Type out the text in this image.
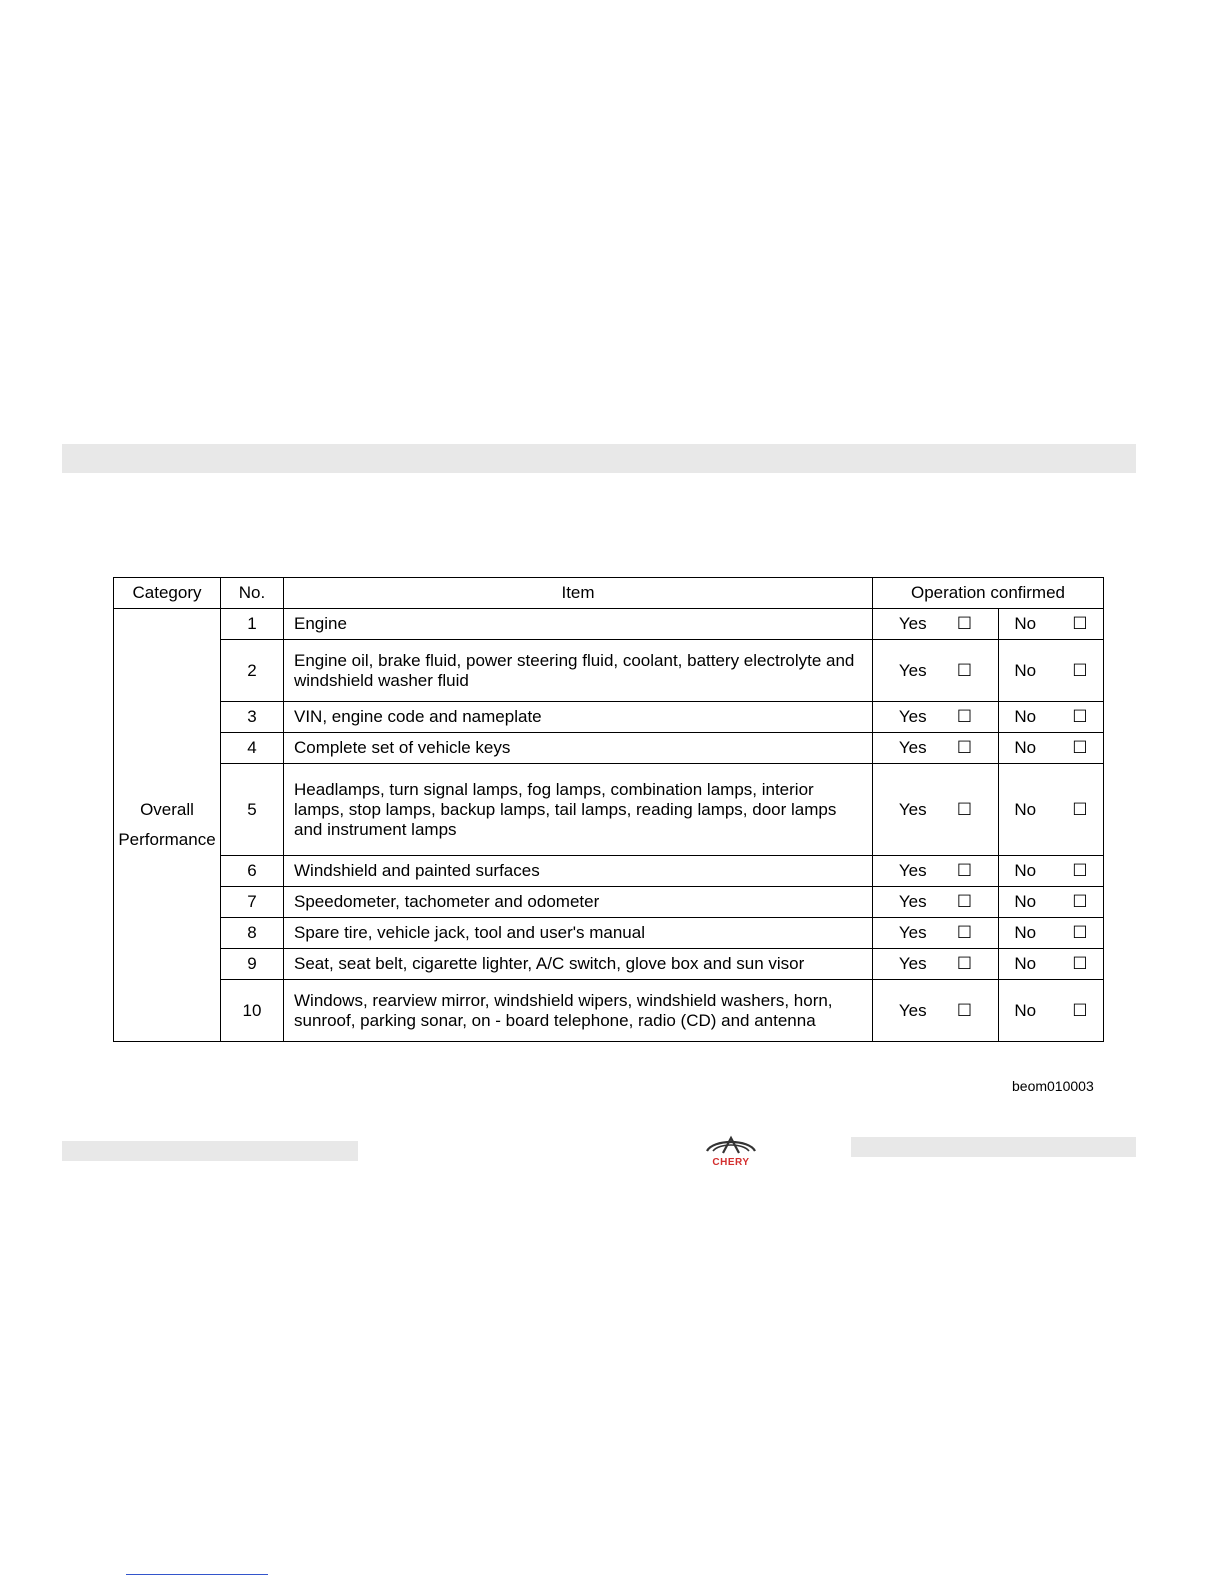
Category	No.	Item	Operation confirmed	

Overall
Performance	1	Engine	Yes ☐	No ☐
	2	Engine oil, brake fluid, power steering fluid, coolant, battery electrolyte and windshield washer fluid	Yes ☐	No ☐
	3	VIN, engine code and nameplate	Yes ☐	No ☐
	4	Complete set of vehicle keys	Yes ☐	No ☐
	5	Headlamps, turn signal lamps, fog lamps, combination lamps, interior lamps, stop lamps, backup lamps, tail lamps, reading lamps, door lamps and instrument lamps	Yes ☐	No ☐
	6	Windshield and painted surfaces	Yes ☐	No ☐
	7	Speedometer, tachometer and odometer	Yes ☐	No ☐
	8	Spare tire, vehicle jack, tool and user's manual	Yes ☐	No ☐
	9	Seat, seat belt, cigarette lighter, A/C switch, glove box and sun visor	Yes ☐	No ☐
	10	Windows, rearview mirror, windshield wipers, windshield washers, horn, sunroof, parking sonar, on - board telephone, radio (CD) and antenna	Yes ☐	No ☐
beom010003
CHERY
